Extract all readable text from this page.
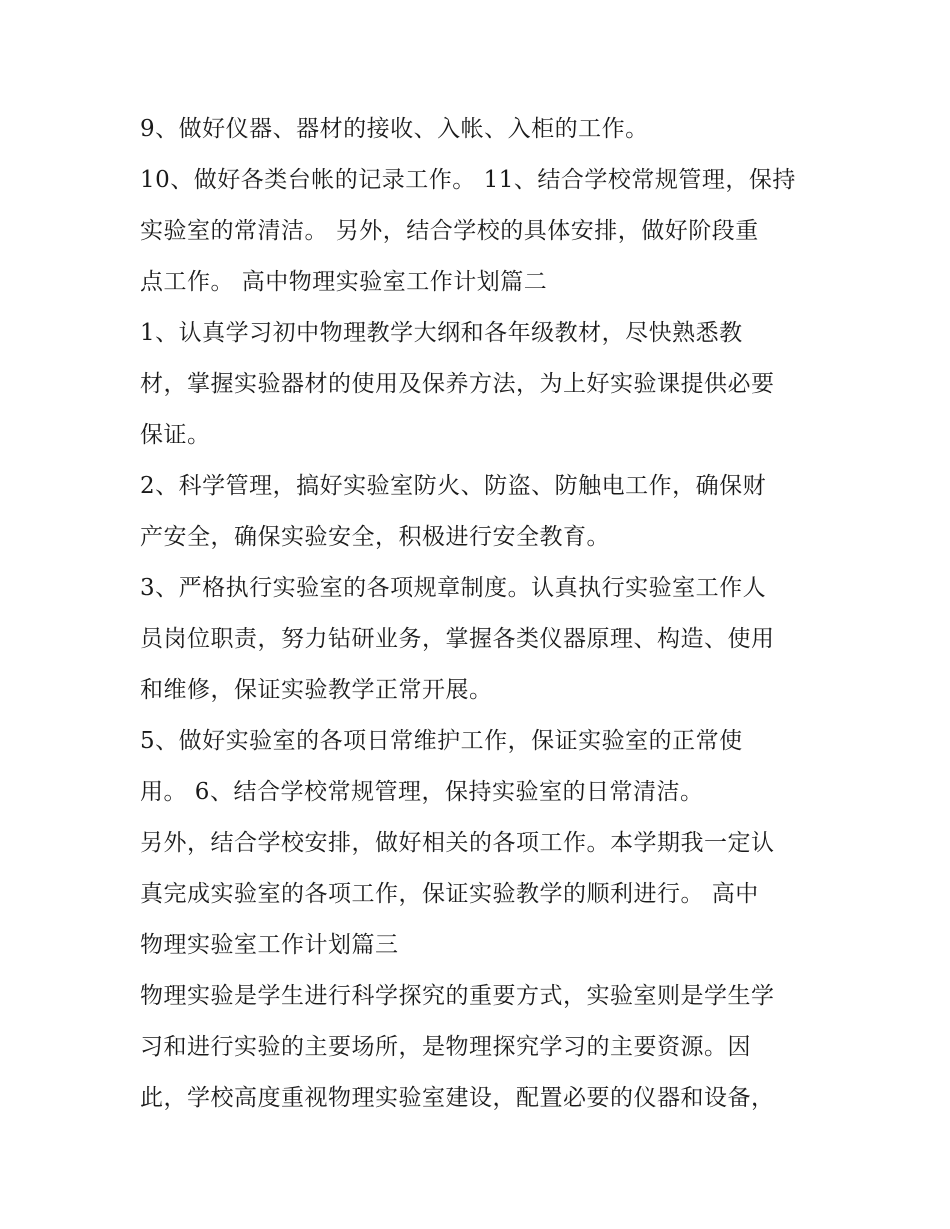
9、做好仪器、器材的接收、入帐、入柜的工作。
10、做好各类台帐的记录工作。 11、结合学校常规管理，保持
实验室的常清洁。 另外，结合学校的具体安排，做好阶段重
点工作。 高中物理实验室工作计划篇二
1、认真学习初中物理教学大纲和各年级教材，尽快熟悉教
材，掌握实验器材的使用及保养方法，为上好实验课提供必要
保证。
2、科学管理，搞好实验室防火、防盗、防触电工作，确保财
产安全，确保实验安全，积极进行安全教育。
3、严格执行实验室的各项规章制度。认真执行实验室工作人
员岗位职责，努力钻研业务，掌握各类仪器原理、构造、使用
和维修，保证实验教学正常开展。
5、做好实验室的各项日常维护工作，保证实验室的正常使
用。 6、结合学校常规管理，保持实验室的日常清洁。
另外，结合学校安排，做好相关的各项工作。本学期我一定认
真完成实验室的各项工作，保证实验教学的顺利进行。 高中
物理实验室工作计划篇三
物理实验是学生进行科学探究的重要方式，实验室则是学生学
习和进行实验的主要场所，是物理探究学习的主要资源。因
此，学校高度重视物理实验室建设，配置必要的仪器和设备，
